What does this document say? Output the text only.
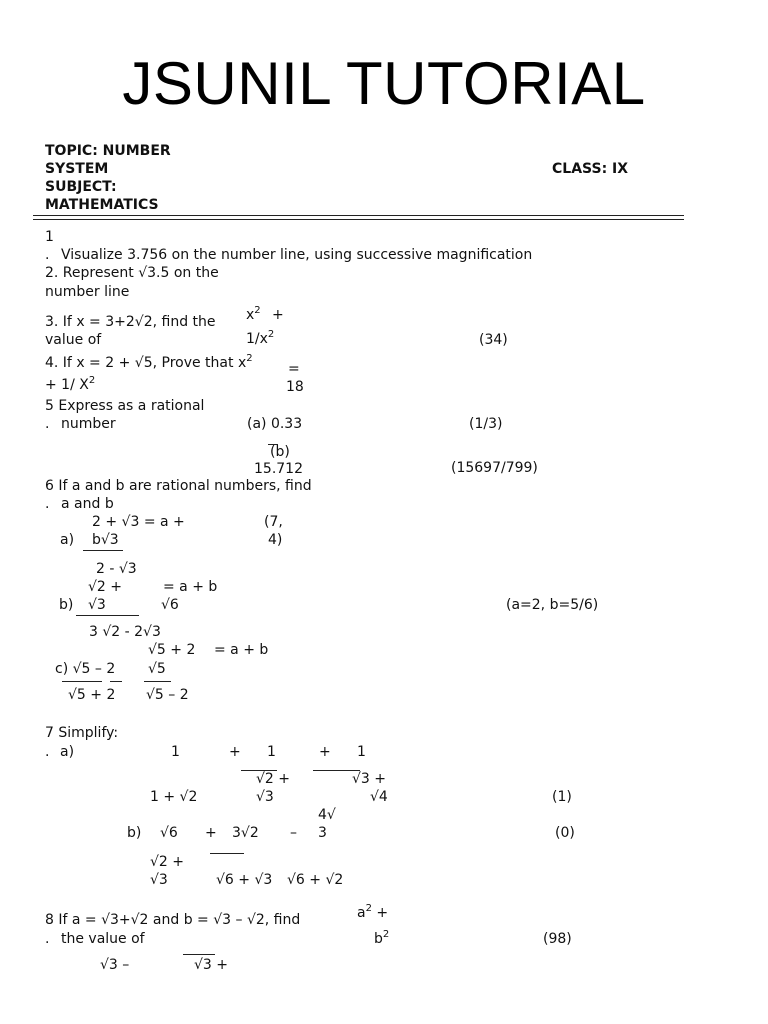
JSUNIL TUTORIAL
TOPIC: NUMBER
SYSTEM
SUBJECT:
MATHEMATICS
CLASS: IX
1
. Visualize 3.756 on the number line, using successive magnification
2. Represent √3.5 on the
number line
3. If x = 3+2√2, find the
value of
$x^2$ +
$1/x^2$	(34)
4. If x = 2 + √5, Prove that $x^2$
=
+ 1/ $X^2$	18
5 Express as a rational
. number	(a) 0.33	(1/3)
(b)
15.712	(15697/799)
6 If a and b are rational numbers, find
. a and b
2 + √3 = a +	(7,
a) b√3	4)
2 - √3
√2 +	= a + b
b) √3	√6	(a=2, b=5/6)
3 √2 - 2√3
√5 + 2 = a + b
c) √5 – 2 √5
√5 + 2 √5 – 2
7 Simplify:
. a)	1	+ 1	+ 1
√2 +	√3 +
1 + √2	√3	√4	(1)
4√
b) √6 + 3√2 – 3	(0)
√2 +
√3	√6 + √3 √6 + √2
8 If a = √3+√2 and b = √3 – √2, find
. the value of
$a^2$ +
$b^2$	(98)
√3 –	√3 +
